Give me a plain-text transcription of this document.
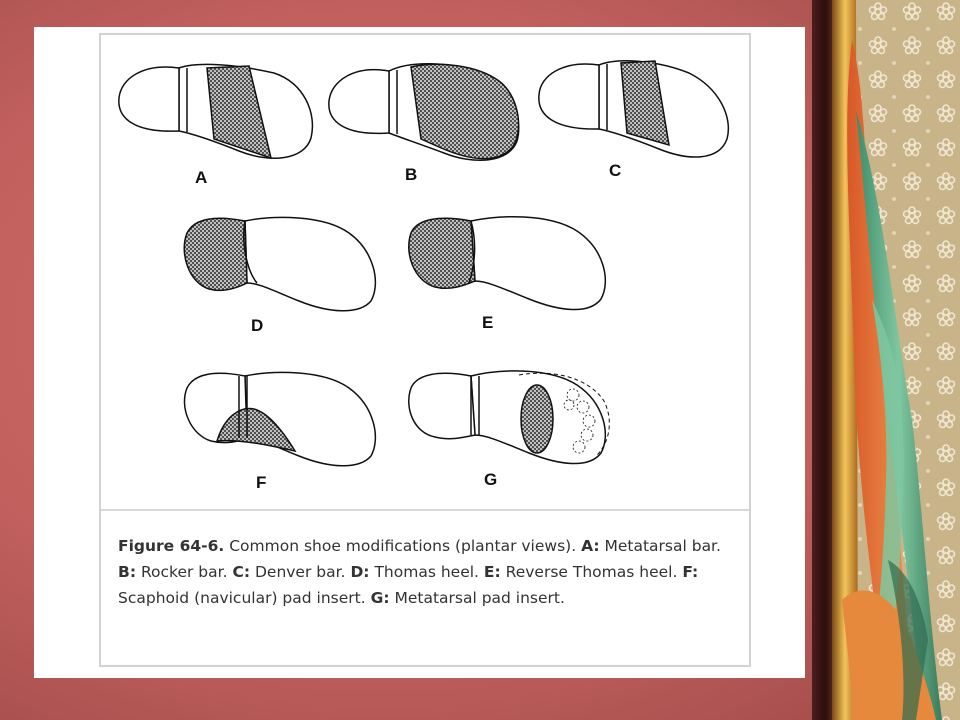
A	B	C
D	E
F	G
Figure 64-6. Common shoe modifications (plantar views). A: Metatarsal bar. B: Rocker bar. C: Denver bar. D: Thomas heel. E: Reverse Thomas heel. F: Scaphoid (navicular) pad insert. G: Metatarsal pad insert.
